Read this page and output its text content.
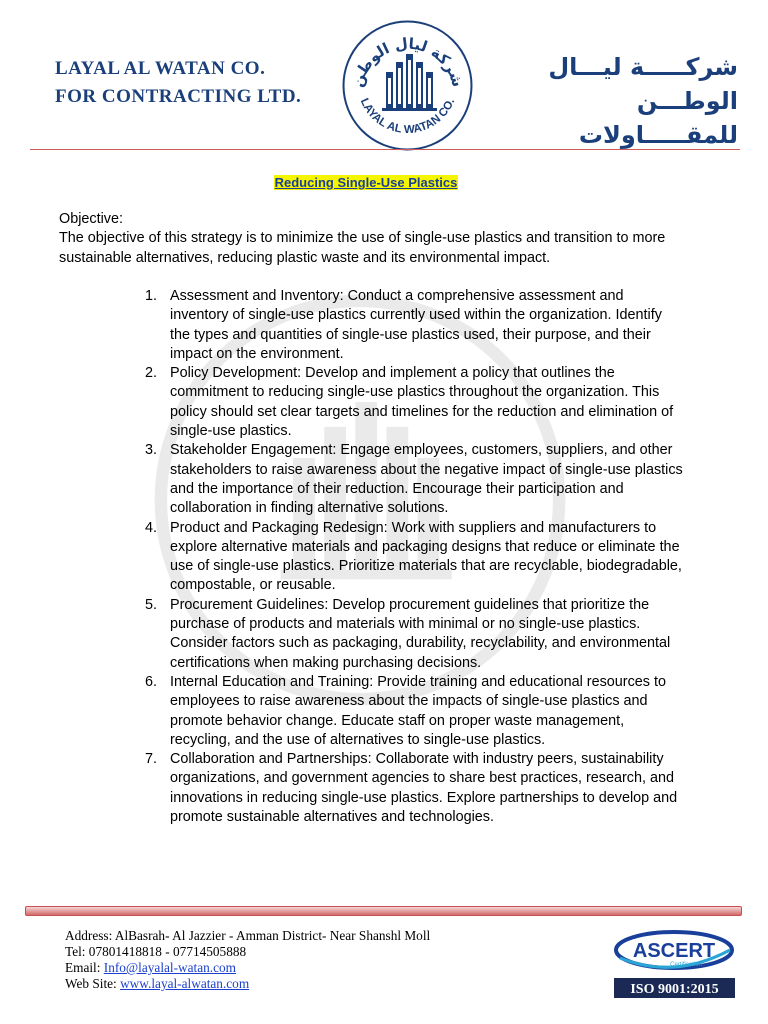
LAYAL AL WATAN CO.
FOR CONTRACTING LTD.
شركة ليال الوطن
LAYAL AL WATAN CO.
شركـــــة ليـــال الوطـــن
للمقـــــاولات
Reducing Single-Use Plastics

Objective:

The objective of this strategy is to minimize the use of single-use plastics and transition to more sustainable alternatives, reducing plastic waste and its environmental impact.

1. Assessment and Inventory: Conduct a comprehensive assessment and inventory of single-use plastics currently used within the organization. Identify the types and quantities of single-use plastics used, their purpose, and their impact on the environment.
2. Policy Development: Develop and implement a policy that outlines the commitment to reducing single-use plastics throughout the organization. This policy should set clear targets and timelines for the reduction and elimination of single-use plastics.
3. Stakeholder Engagement: Engage employees, customers, suppliers, and other stakeholders to raise awareness about the negative impact of single-use plastics and the importance of their reduction. Encourage their participation and collaboration in finding alternative solutions.
4. Product and Packaging Redesign: Work with suppliers and manufacturers to explore alternative materials and packaging designs that reduce or eliminate the use of single-use plastics. Prioritize materials that are recyclable, biodegradable, compostable, or reusable.
5. Procurement Guidelines: Develop procurement guidelines that prioritize the purchase of products and materials with minimal or no single-use plastics. Consider factors such as packaging, durability, recyclability, and environmental certifications when making purchasing decisions.
6. Internal Education and Training: Provide training and educational resources to employees to raise awareness about the impacts of single-use plastics and promote behavior change. Educate staff on proper waste management, recycling, and the use of alternatives to single-use plastics.
7. Collaboration and Partnerships: Collaborate with industry peers, sustainability organizations, and government agencies to share best practices, research, and innovations in reducing single-use plastics. Explore partnerships to develop and promote sustainable alternatives and technologies.
Address: AlBasrah- Al Jazzier - Amman District- Near Shanshl Moll
Tel: 07801418818 - 07714505888
Email: Info@layalal-watan.com
Web Site: www.layal-alwatan.com
ASCERT
Certification
ISO 9001:2015
